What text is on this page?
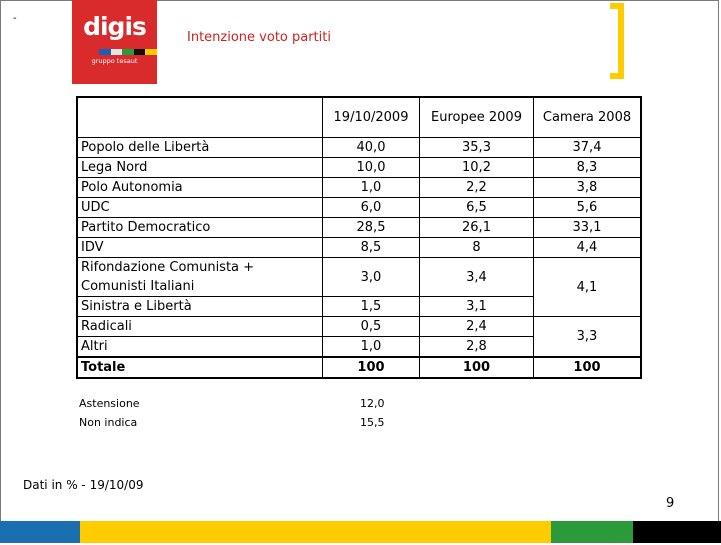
-	digis
gruppo tesaut
Intenzione voto partiti
	19/10/2009	Europee 2009	Camera 2008
Popolo delle Libertà	40,0	35,3	37,4
Lega Nord	10,0	10,2	8,3
Polo Autonomia	1,0	2,2	3,8
UDC	6,0	6,5	5,6
Partito Democratico	28,5	26,1	33,1
IDV	8,5	8	4,4

Rifondazione Comunista +
Comunisti Italiani	3,0	3,4	4,1
Sinistra e Libertà	1,5	3,1	
Radicali	0,5	2,4	3,3
Altri	1,0	2,8	
Totale	100	100	100
Astensione	12,0
Non indica	15,5
Dati in % - 19/10/09
9
